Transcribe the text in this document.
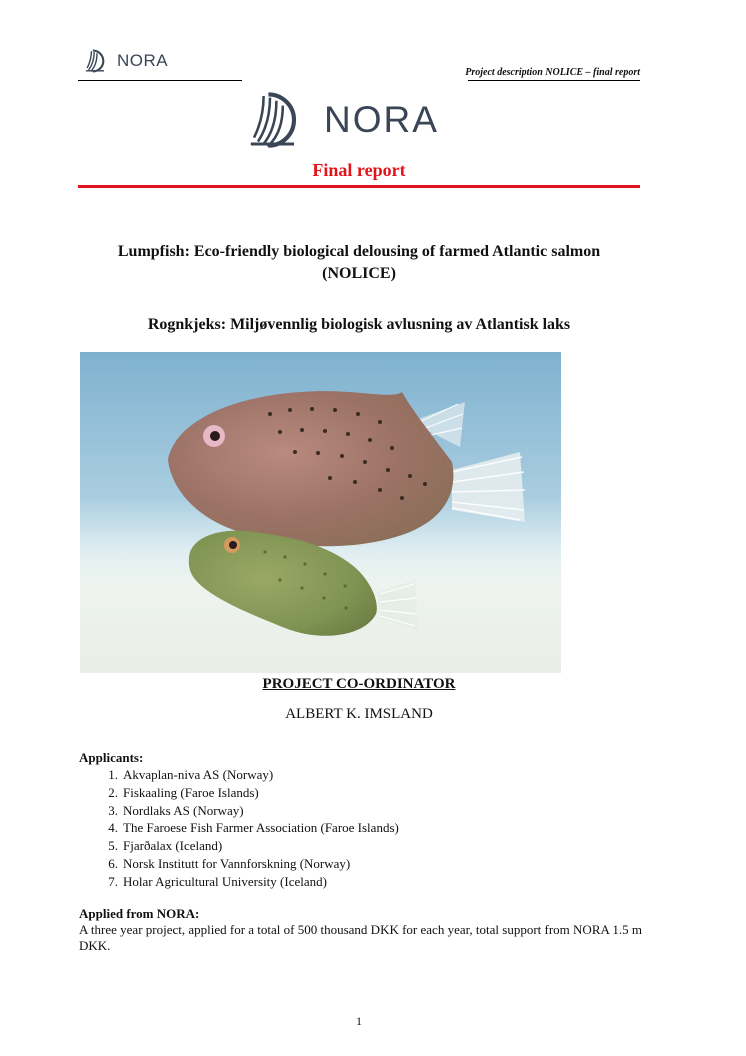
NORA
Project description NOLICE – final report
NORA
Final report
Lumpfish: Eco-friendly biological delousing of farmed Atlantic salmon
(NOLICE)
Rognkjeks: Miljøvennlig biologisk avlusning av Atlantisk laks
PROJECT CO-ORDINATOR
ALBERT K. IMSLAND
Applicants:
1. Akvaplan-niva AS (Norway)
2. Fiskaaling (Faroe Islands)
3. Nordlaks AS (Norway)
4. The Faroese Fish Farmer Association (Faroe Islands)
5. Fjarðalax (Iceland)
6. Norsk Institutt for Vannforskning (Norway)
7. Holar Agricultural University (Iceland)
Applied from NORA:
A three year project, applied for a total of 500 thousand DKK for each year, total support from NORA 1.5 m DKK.
1
